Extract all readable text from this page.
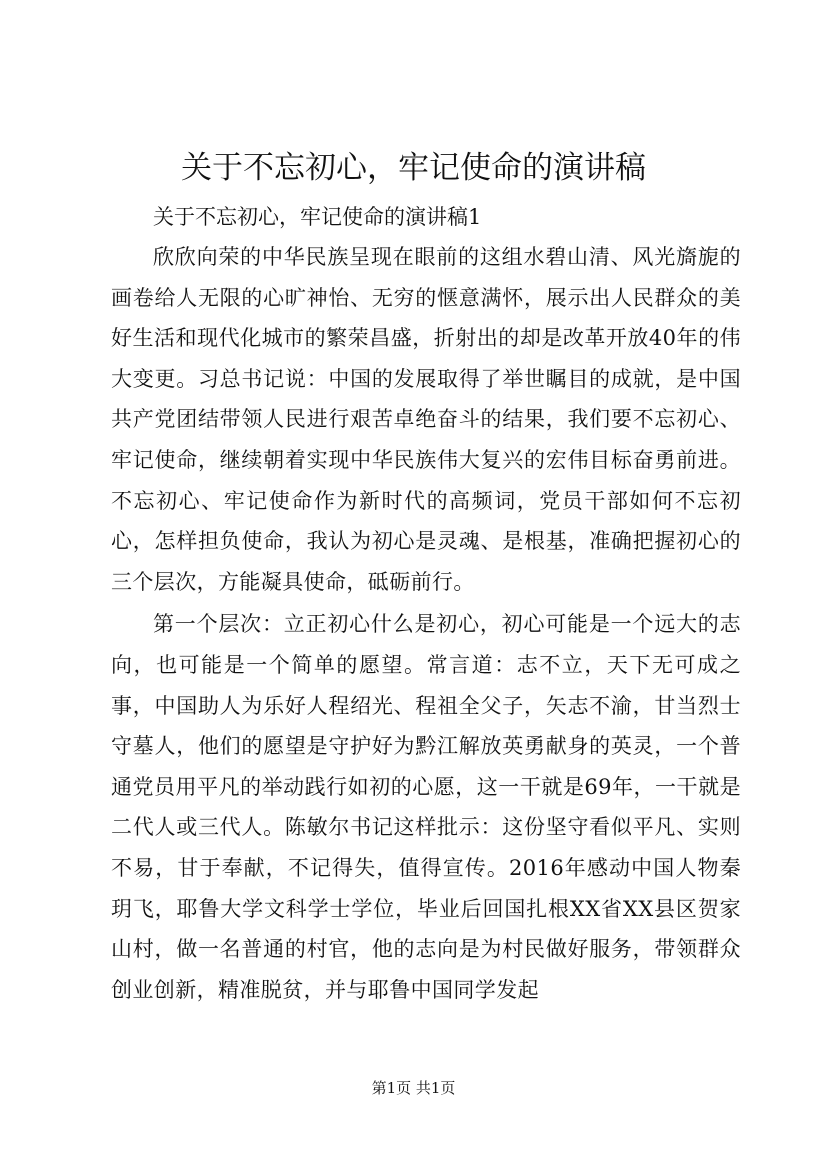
关于不忘初心，牢记使命的演讲稿

关于不忘初心，牢记使命的演讲稿1

欣欣向荣的中华民族呈现在眼前的这组水碧山清、风光旖旎的画卷给人无限的心旷神怡、无穷的惬意满怀，展示出人民群众的美好生活和现代化城市的繁荣昌盛，折射出的却是改革开放40年的伟大变更。习总书记说：中国的发展取得了举世瞩目的成就，是中国共产党团结带领人民进行艰苦卓绝奋斗的结果，我们要不忘初心、牢记使命，继续朝着实现中华民族伟大复兴的宏伟目标奋勇前进。不忘初心、牢记使命作为新时代的高频词，党员干部如何不忘初心，怎样担负使命，我认为初心是灵魂、是根基，准确把握初心的三个层次，方能凝具使命，砥砺前行。

第一个层次：立正初心什么是初心，初心可能是一个远大的志向，也可能是一个简单的愿望。常言道：志不立，天下无可成之事，中国助人为乐好人程绍光、程祖全父子，矢志不渝，甘当烈士守墓人，他们的愿望是守护好为黔江解放英勇献身的英灵，一个普通党员用平凡的举动践行如初的心愿，这一干就是69年，一干就是二代人或三代人。陈敏尔书记这样批示：这份坚守看似平凡、实则不易，甘于奉献，不记得失，值得宣传。2016年感动中国人物秦玥飞，耶鲁大学文科学士学位，毕业后回国扎根XX省XX县区贺家山村，做一名普通的村官，他的志向是为村民做好服务，带领群众创业创新，精准脱贫，并与耶鲁中国同学发起

第1页 共1页
